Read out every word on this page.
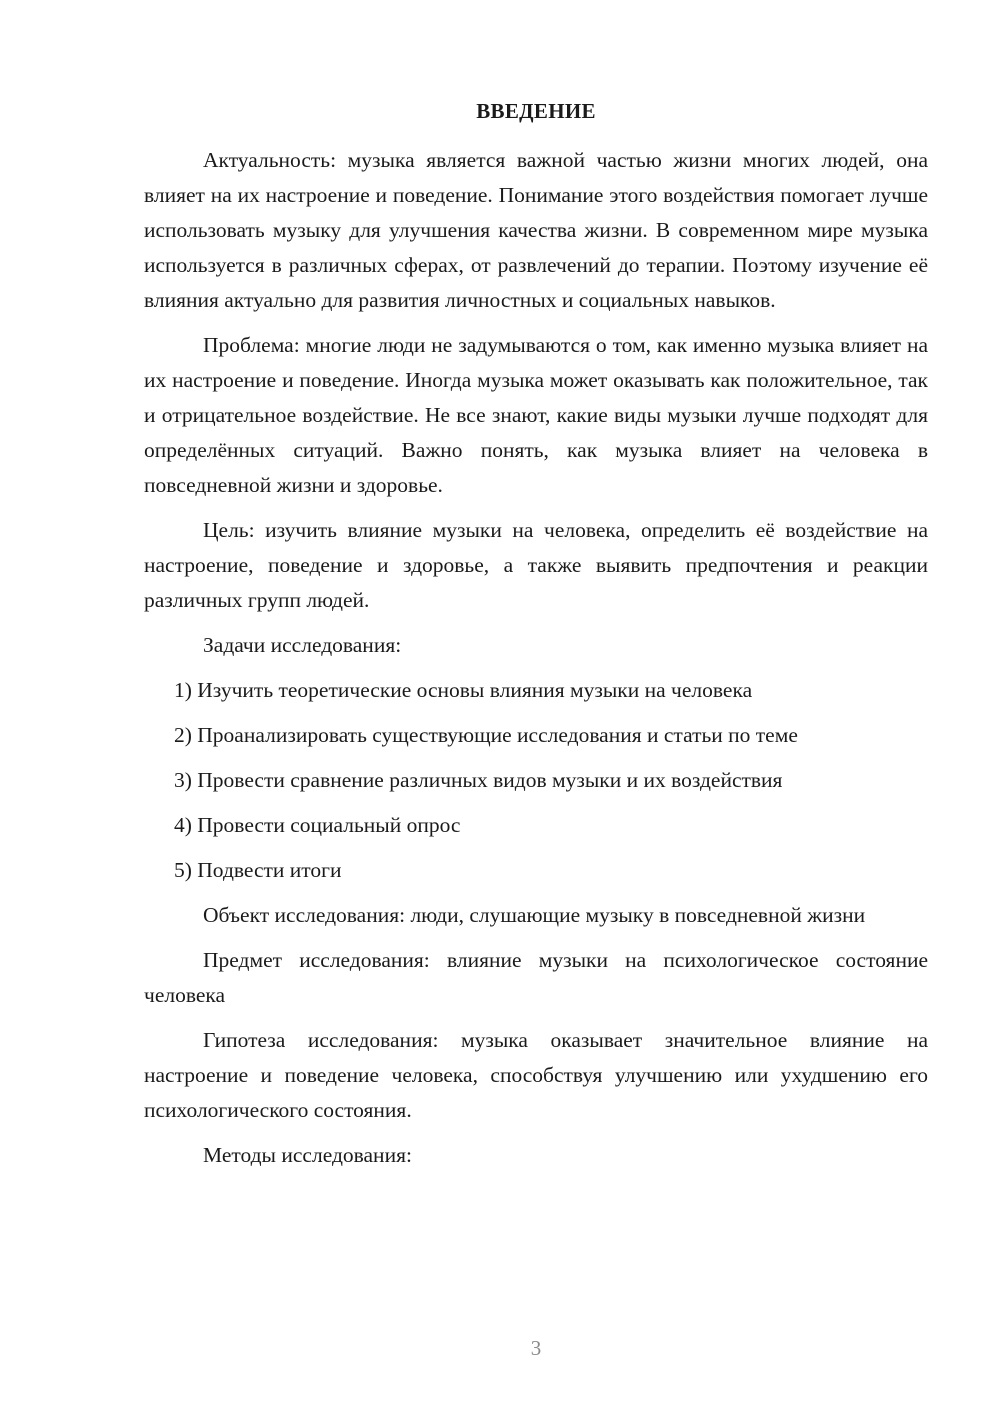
ВВЕДЕНИЕ

Актуальность: музыка является важной частью жизни многих людей, она влияет на их настроение и поведение. Понимание этого воздействия помогает лучше использовать музыку для улучшения качества жизни. В современном мире музыка используется в различных сферах, от развлечений до терапии. Поэтому изучение её влияния актуально для развития личностных и социальных навыков.

Проблема: многие люди не задумываются о том, как именно музыка влияет на их настроение и поведение. Иногда музыка может оказывать как положительное, так и отрицательное воздействие. Не все знают, какие виды музыки лучше подходят для определённых ситуаций. Важно понять, как музыка влияет на человека в повседневной жизни и здоровье.

Цель: изучить влияние музыки на человека, определить её воздействие на настроение, поведение и здоровье, а также выявить предпочтения и реакции различных групп людей.

Задачи исследования:

1) Изучить теоретические основы влияния музыки на человека

2) Проанализировать существующие исследования и статьи по теме

3) Провести сравнение различных видов музыки и их воздействия

4) Провести социальный опрос

5) Подвести итоги

Объект исследования: люди, слушающие музыку в повседневной жизни

Предмет исследования: влияние музыки на психологическое состояние человека

Гипотеза исследования: музыка оказывает значительное влияние на настроение и поведение человека, способствуя улучшению или ухудшению его психологического состояния.

Методы исследования:

3
